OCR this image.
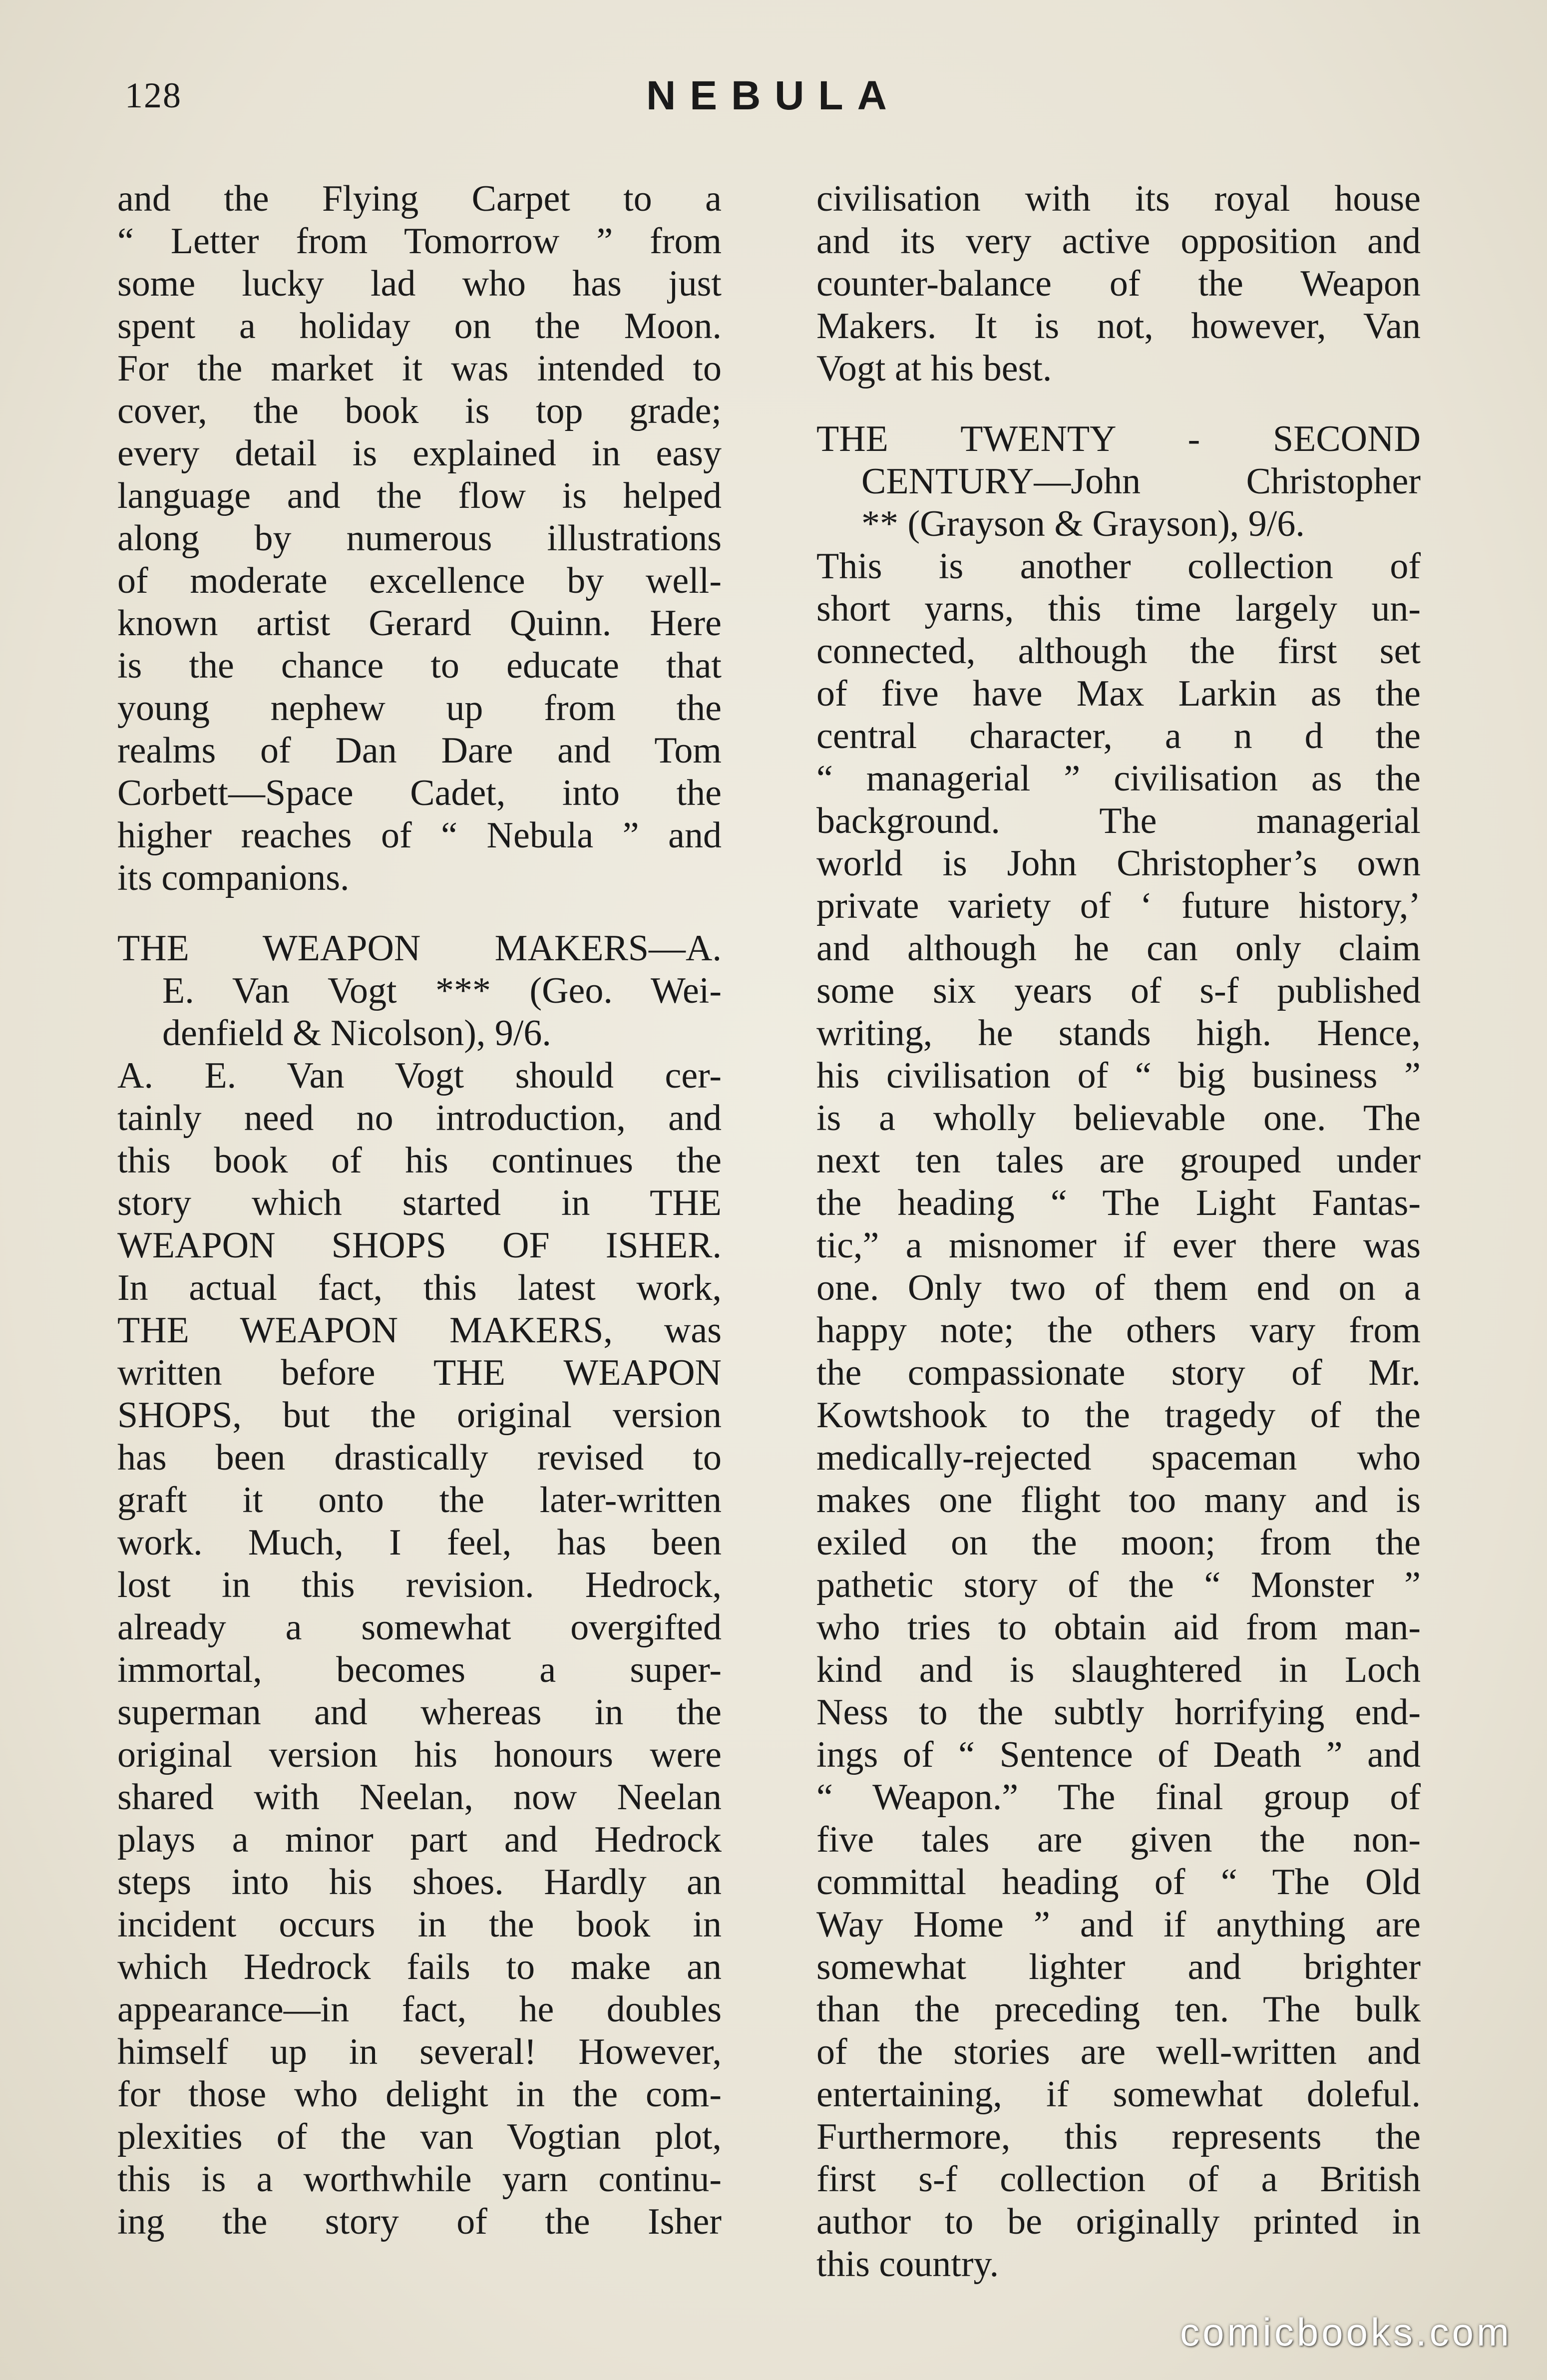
128	NEBULA
and the Flying Carpet to a
“ Letter from Tomorrow ” from
some lucky lad who has just
spent a holiday on the Moon.
For the market it was intended to
cover, the book is top grade;
every detail is explained in easy
language and the flow is helped
along by numerous illustrations
of moderate excellence by well-
known artist Gerard Quinn. Here
is the chance to educate that
young nephew up from the
realms of Dan Dare and Tom
Corbett—Space Cadet, into the
higher reaches of “ Nebula ” and
its companions.
THE WEAPON MAKERS—A.
E. Van Vogt *** (Geo. Wei-
denfield & Nicolson), 9/6.
A. E. Van Vogt should cer-
tainly need no introduction, and
this book of his continues the
story which started in THE
WEAPON SHOPS OF ISHER.
In actual fact, this latest work,
THE WEAPON MAKERS, was
written before THE WEAPON
SHOPS, but the original version
has been drastically revised to
graft it onto the later-written
work. Much, I feel, has been
lost in this revision. Hedrock,
already a somewhat overgifted
immortal, becomes a super-
superman and whereas in the
original version his honours were
shared with Neelan, now Neelan
plays a minor part and Hedrock
steps into his shoes. Hardly an
incident occurs in the book in
which Hedrock fails to make an
appearance—in fact, he doubles
himself up in several! However,
for those who delight in the com-
plexities of the van Vogtian plot,
this is a worthwhile yarn continu-
ing the story of the Isher
civilisation with its royal house
and its very active opposition and
counter-balance of the Weapon
Makers. It is not, however, Van
Vogt at his best.
THE TWENTY - SECOND
CENTURY—John Christopher
** (Grayson & Grayson), 9/6.
This is another collection of
short yarns, this time largely un-
connected, although the first set
of five have Max Larkin as the
central character, a n d the
“ managerial ” civilisation as the
background. The managerial
world is John Christopher’s own
private variety of ‘ future history,’
and although he can only claim
some six years of s-f published
writing, he stands high. Hence,
his civilisation of “ big business ”
is a wholly believable one. The
next ten tales are grouped under
the heading “ The Light Fantas-
tic,” a misnomer if ever there was
one. Only two of them end on a
happy note; the others vary from
the compassionate story of Mr.
Kowtshook to the tragedy of the
medically-rejected spaceman who
makes one flight too many and is
exiled on the moon; from the
pathetic story of the “ Monster ”
who tries to obtain aid from man-
kind and is slaughtered in Loch
Ness to the subtly horrifying end-
ings of “ Sentence of Death ” and
“ Weapon.” The final group of
five tales are given the non-
committal heading of “ The Old
Way Home ” and if anything are
somewhat lighter and brighter
than the preceding ten. The bulk
of the stories are well-written and
entertaining, if somewhat doleful.
Furthermore, this represents the
first s-f collection of a British
author to be originally printed in
this country.
comicbooks.com
